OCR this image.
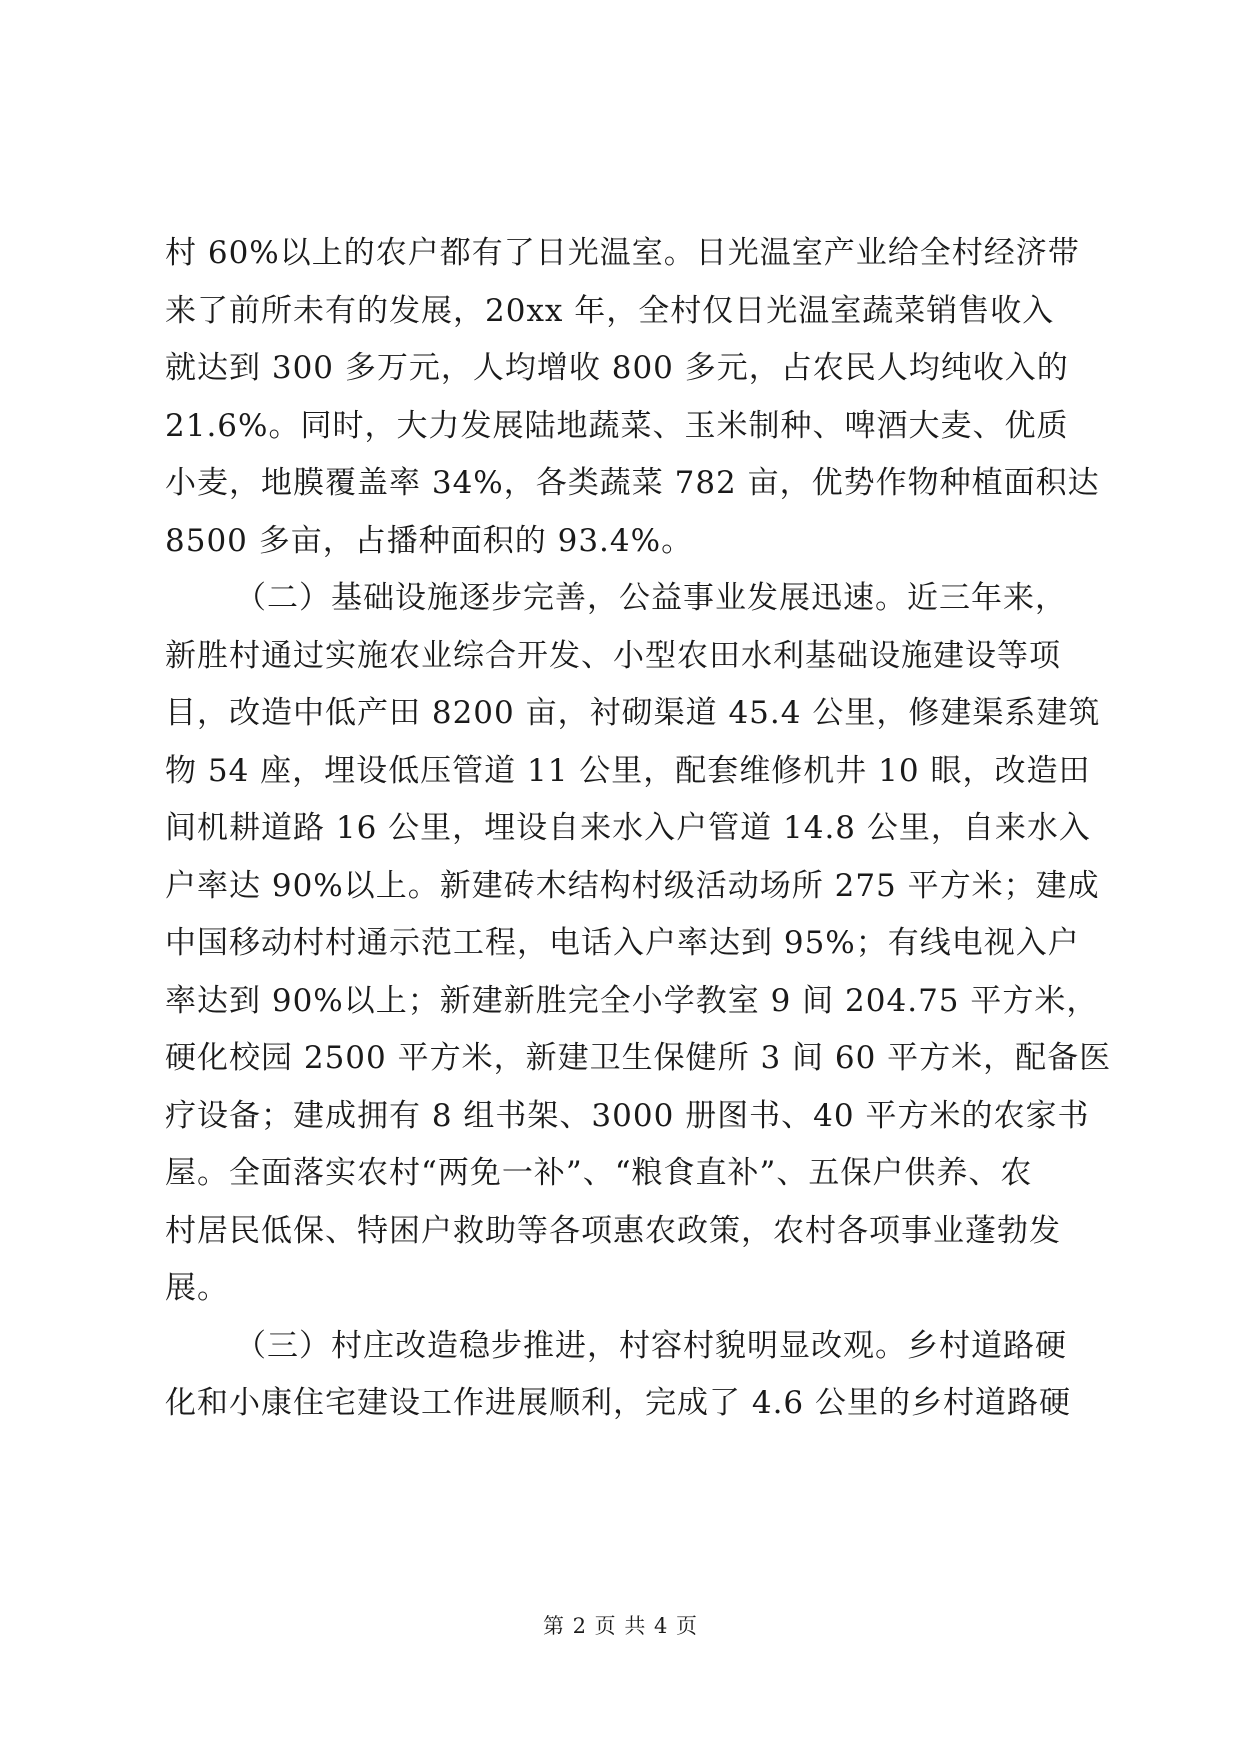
村 60%以上的农户都有了日光温室。日光温室产业给全村经济带
来了前所未有的发展，20xx 年，全村仅日光温室蔬菜销售收入
就达到 300 多万元，人均增收 800 多元，占农民人均纯收入的
21.6%。同时，大力发展陆地蔬菜、玉米制种、啤酒大麦、优质
小麦，地膜覆盖率 34%，各类蔬菜 782 亩，优势作物种植面积达
8500 多亩，占播种面积的 93.4%。
（二）基础设施逐步完善，公益事业发展迅速。近三年来，
新胜村通过实施农业综合开发、小型农田水利基础设施建设等项
目，改造中低产田 8200 亩，衬砌渠道 45.4 公里，修建渠系建筑
物 54 座，埋设低压管道 11 公里，配套维修机井 10 眼，改造田
间机耕道路 16 公里，埋设自来水入户管道 14.8 公里，自来水入
户率达 90%以上。新建砖木结构村级活动场所 275 平方米；建成
中国移动村村通示范工程，电话入户率达到 95%；有线电视入户
率达到 90%以上；新建新胜完全小学教室 9 间 204.75 平方米，
硬化校园 2500 平方米，新建卫生保健所 3 间 60 平方米，配备医
疗设备；建成拥有 8 组书架、3000 册图书、40 平方米的农家书
屋。全面落实农村“两免一补”、“粮食直补”、五保户供养、农
村居民低保、特困户救助等各项惠农政策，农村各项事业蓬勃发
展。
（三）村庄改造稳步推进，村容村貌明显改观。乡村道路硬
化和小康住宅建设工作进展顺利，完成了 4.6 公里的乡村道路硬
第 2 页 共 4 页
